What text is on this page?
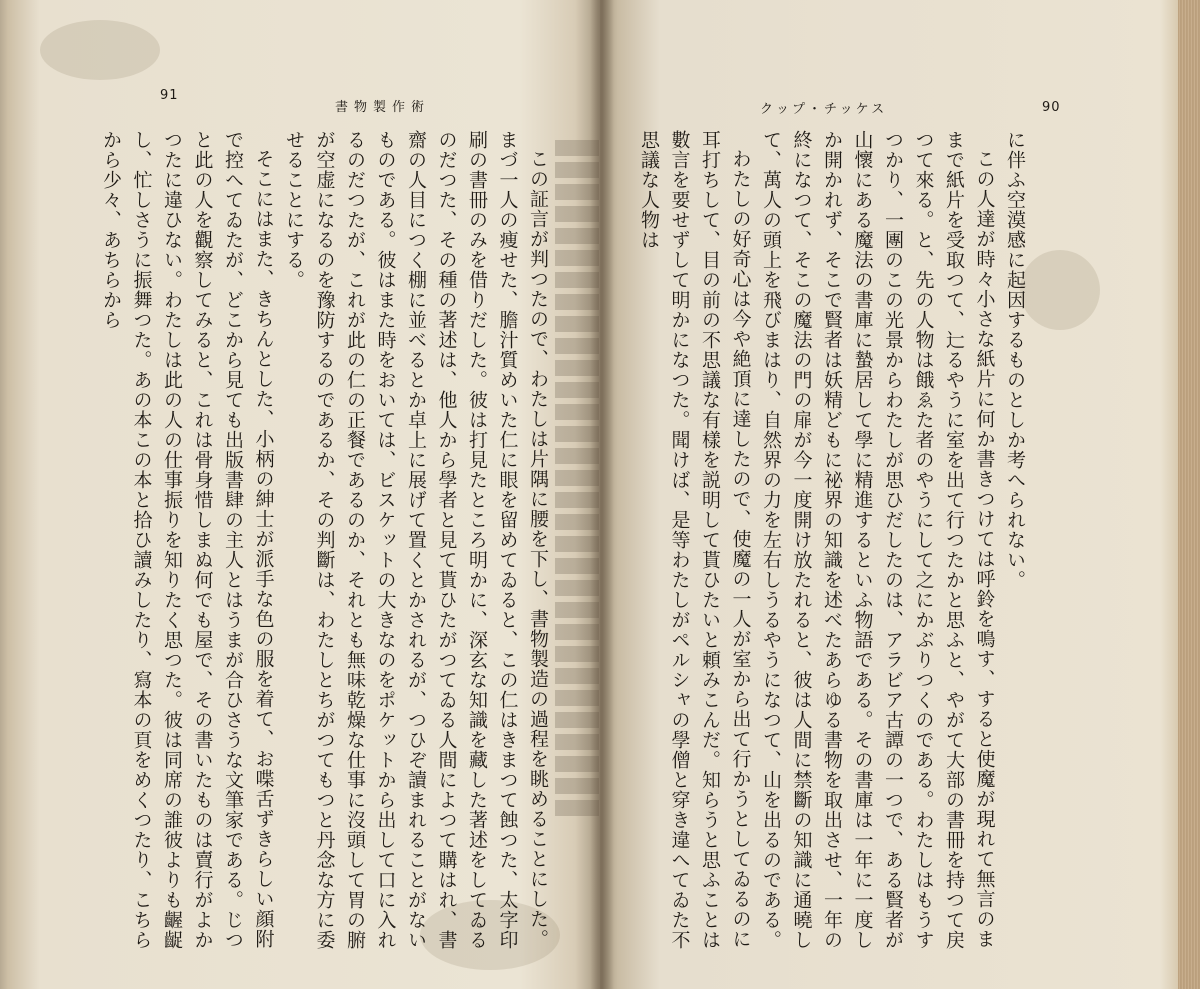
91
書物製作術

この証言が判つたので、わたしは片隅に腰を下し、書物製造の過程を眺めることにした。まづ一人の痩せた、膽汁質めいた仁に眼を留めてゐると、この仁はきまつて蝕つた、太字印刷の書冊のみを借りだした。彼は打見たところ明かに、深玄な知識を藏した著述をしてゐるのだつた、その種の著述は、他人から學者と見て貰ひたがつてゐる人間によつて購はれ、書齋の人目につく棚に並べるとか卓上に展げて置くとかされるが、つひぞ讀まれることがないものである。彼はまた時をおいては、ビスケットの大きなのをポケットから出して口に入れるのだつたが、これが此の仁の正餐であるのか、それとも無味乾燥な仕事に沒頭して胃の腑が空虚になるのを豫防するのであるか、その判斷は、わたしとちがつてもつと丹念な方に委せることにする。

そこにはまた、きちんとした、小柄の紳士が派手な色の服を着て、お喋舌ずきらしい顔附で控へてゐたが、どこから見ても出版書肆の主人とはうまが合ひさうな文筆家である。じつと此の人を觀察してみると、これは骨身惜しまぬ何でも屋で、その書いたものは賣行がよかつたに違ひない。わたしは此の人の仕事振りを知りたく思つた。彼は同席の誰彼よりも齷齪し、忙しさうに振舞つた。あの本この本と拾ひ讀みしたり、寫本の頁をめくつたり、こちらから少々、あちらから

クップ・チッケス	90

に伴ふ空漠感に起因するものとしか考へられない。

この人達が時々小さな紙片に何か書きつけては呼鈴を鳴す、すると使魔が現れて無言のままで紙片を受取つて、辷るやうに室を出て行つたかと思ふと、やがて大部の書冊を持つて戻つて來る。と、先の人物は餓ゑた者のやうにして之にかぶりつくのである。わたしはもうすつかり、一團のこの光景からわたしが思ひだしたのは、アラビア古譚の一つで、ある賢者が山懷にある魔法の書庫に蟄居して學に精進するといふ物語である。その書庫は一年に一度しか開かれず、そこで賢者は妖精どもに祕界の知識を述べたあらゆる書物を取出させ、一年の終になつて、そこの魔法の門の扉が今一度開け放たれると、彼は人間に禁斷の知識に通曉して、萬人の頭上を飛びまはり、自然界の力を左右しうるやうになつて、山を出るのである。

わたしの好奇心は今や絶頂に達したので、使魔の一人が室から出て行かうとしてゐるのに耳打ちして、目の前の不思議な有樣を説明して貰ひたいと頼みこんだ。知らうと思ふことは數言を要せずして明かになつた。聞けば、是等わたしがペルシャの學僧と穿き違へてゐた不思議な人物は
